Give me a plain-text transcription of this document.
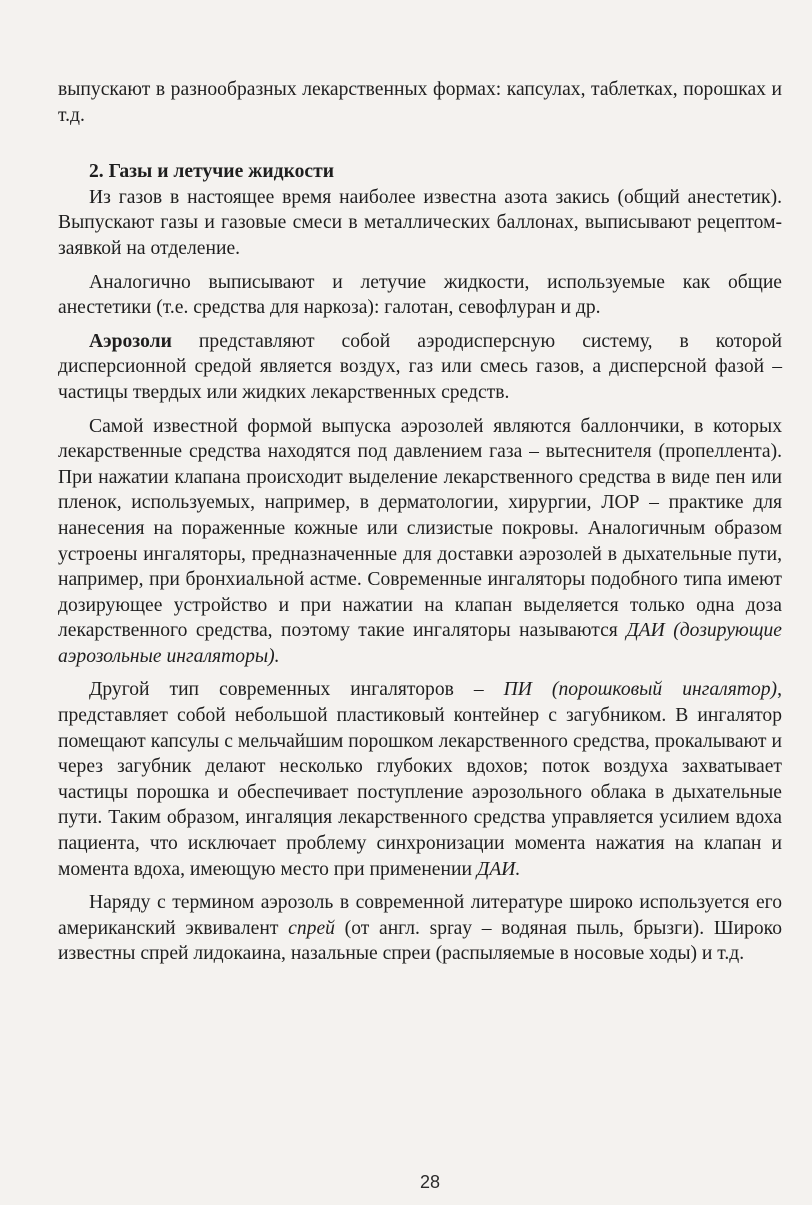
выпускают в разнообразных лекарственных формах: капсулах, таблетках, порошках и т.д.

2. Газы и летучие жидкости

Из газов в настоящее время наиболее известна азота закись (общий анестетик). Выпускают газы и газовые смеси в металлических баллонах, выписывают рецептом-заявкой на отделение.

Аналогично выписывают и летучие жидкости, используемые как общие анестетики (т.е. средства для наркоза): галотан, севофлуран и др.

Аэрозоли представляют собой аэродисперсную систему, в которой дисперсионной средой является воздух, газ или смесь газов, а дисперсной фазой – частицы твердых или жидких лекарственных средств.

Самой известной формой выпуска аэрозолей являются баллончики, в которых лекарственные средства находятся под давлением газа – вытеснителя (пропеллента). При нажатии клапана происходит выделение лекарственного средства в виде пен или пленок, используемых, например, в дерматологии, хирургии, ЛОР – практике для нанесения на пораженные кожные или слизистые покровы. Аналогичным образом устроены ингаляторы, предназначенные для доставки аэрозолей в дыхательные пути, например, при бронхиальной астме. Современные ингаляторы подобного типа имеют дозирующее устройство и при нажатии на клапан выделяется только одна доза лекарственного средства, поэтому такие ингаляторы называются ДАИ (дозирующие аэрозольные ингаляторы).

Другой тип современных ингаляторов – ПИ (порошковый ингалятор), представляет собой небольшой пластиковый контейнер с загубником. В ингалятор помещают капсулы с мельчайшим порошком лекарственного средства, прокалывают и через загубник делают несколько глубоких вдохов; поток воздуха захватывает частицы порошка и обеспечивает поступление аэрозольного облака в дыхательные пути. Таким образом, ингаляция лекарственного средства управляется усилием вдоха пациента, что исключает проблему синхронизации момента нажатия на клапан и момента вдоха, имеющую место при применении ДАИ.

Наряду с термином аэрозоль в современной литературе широко используется его американский эквивалент спрей (от англ. spray – водяная пыль, брызги). Широко известны спрей лидокаина, назальные спреи (распыляемые в носовые ходы) и т.д.

28
